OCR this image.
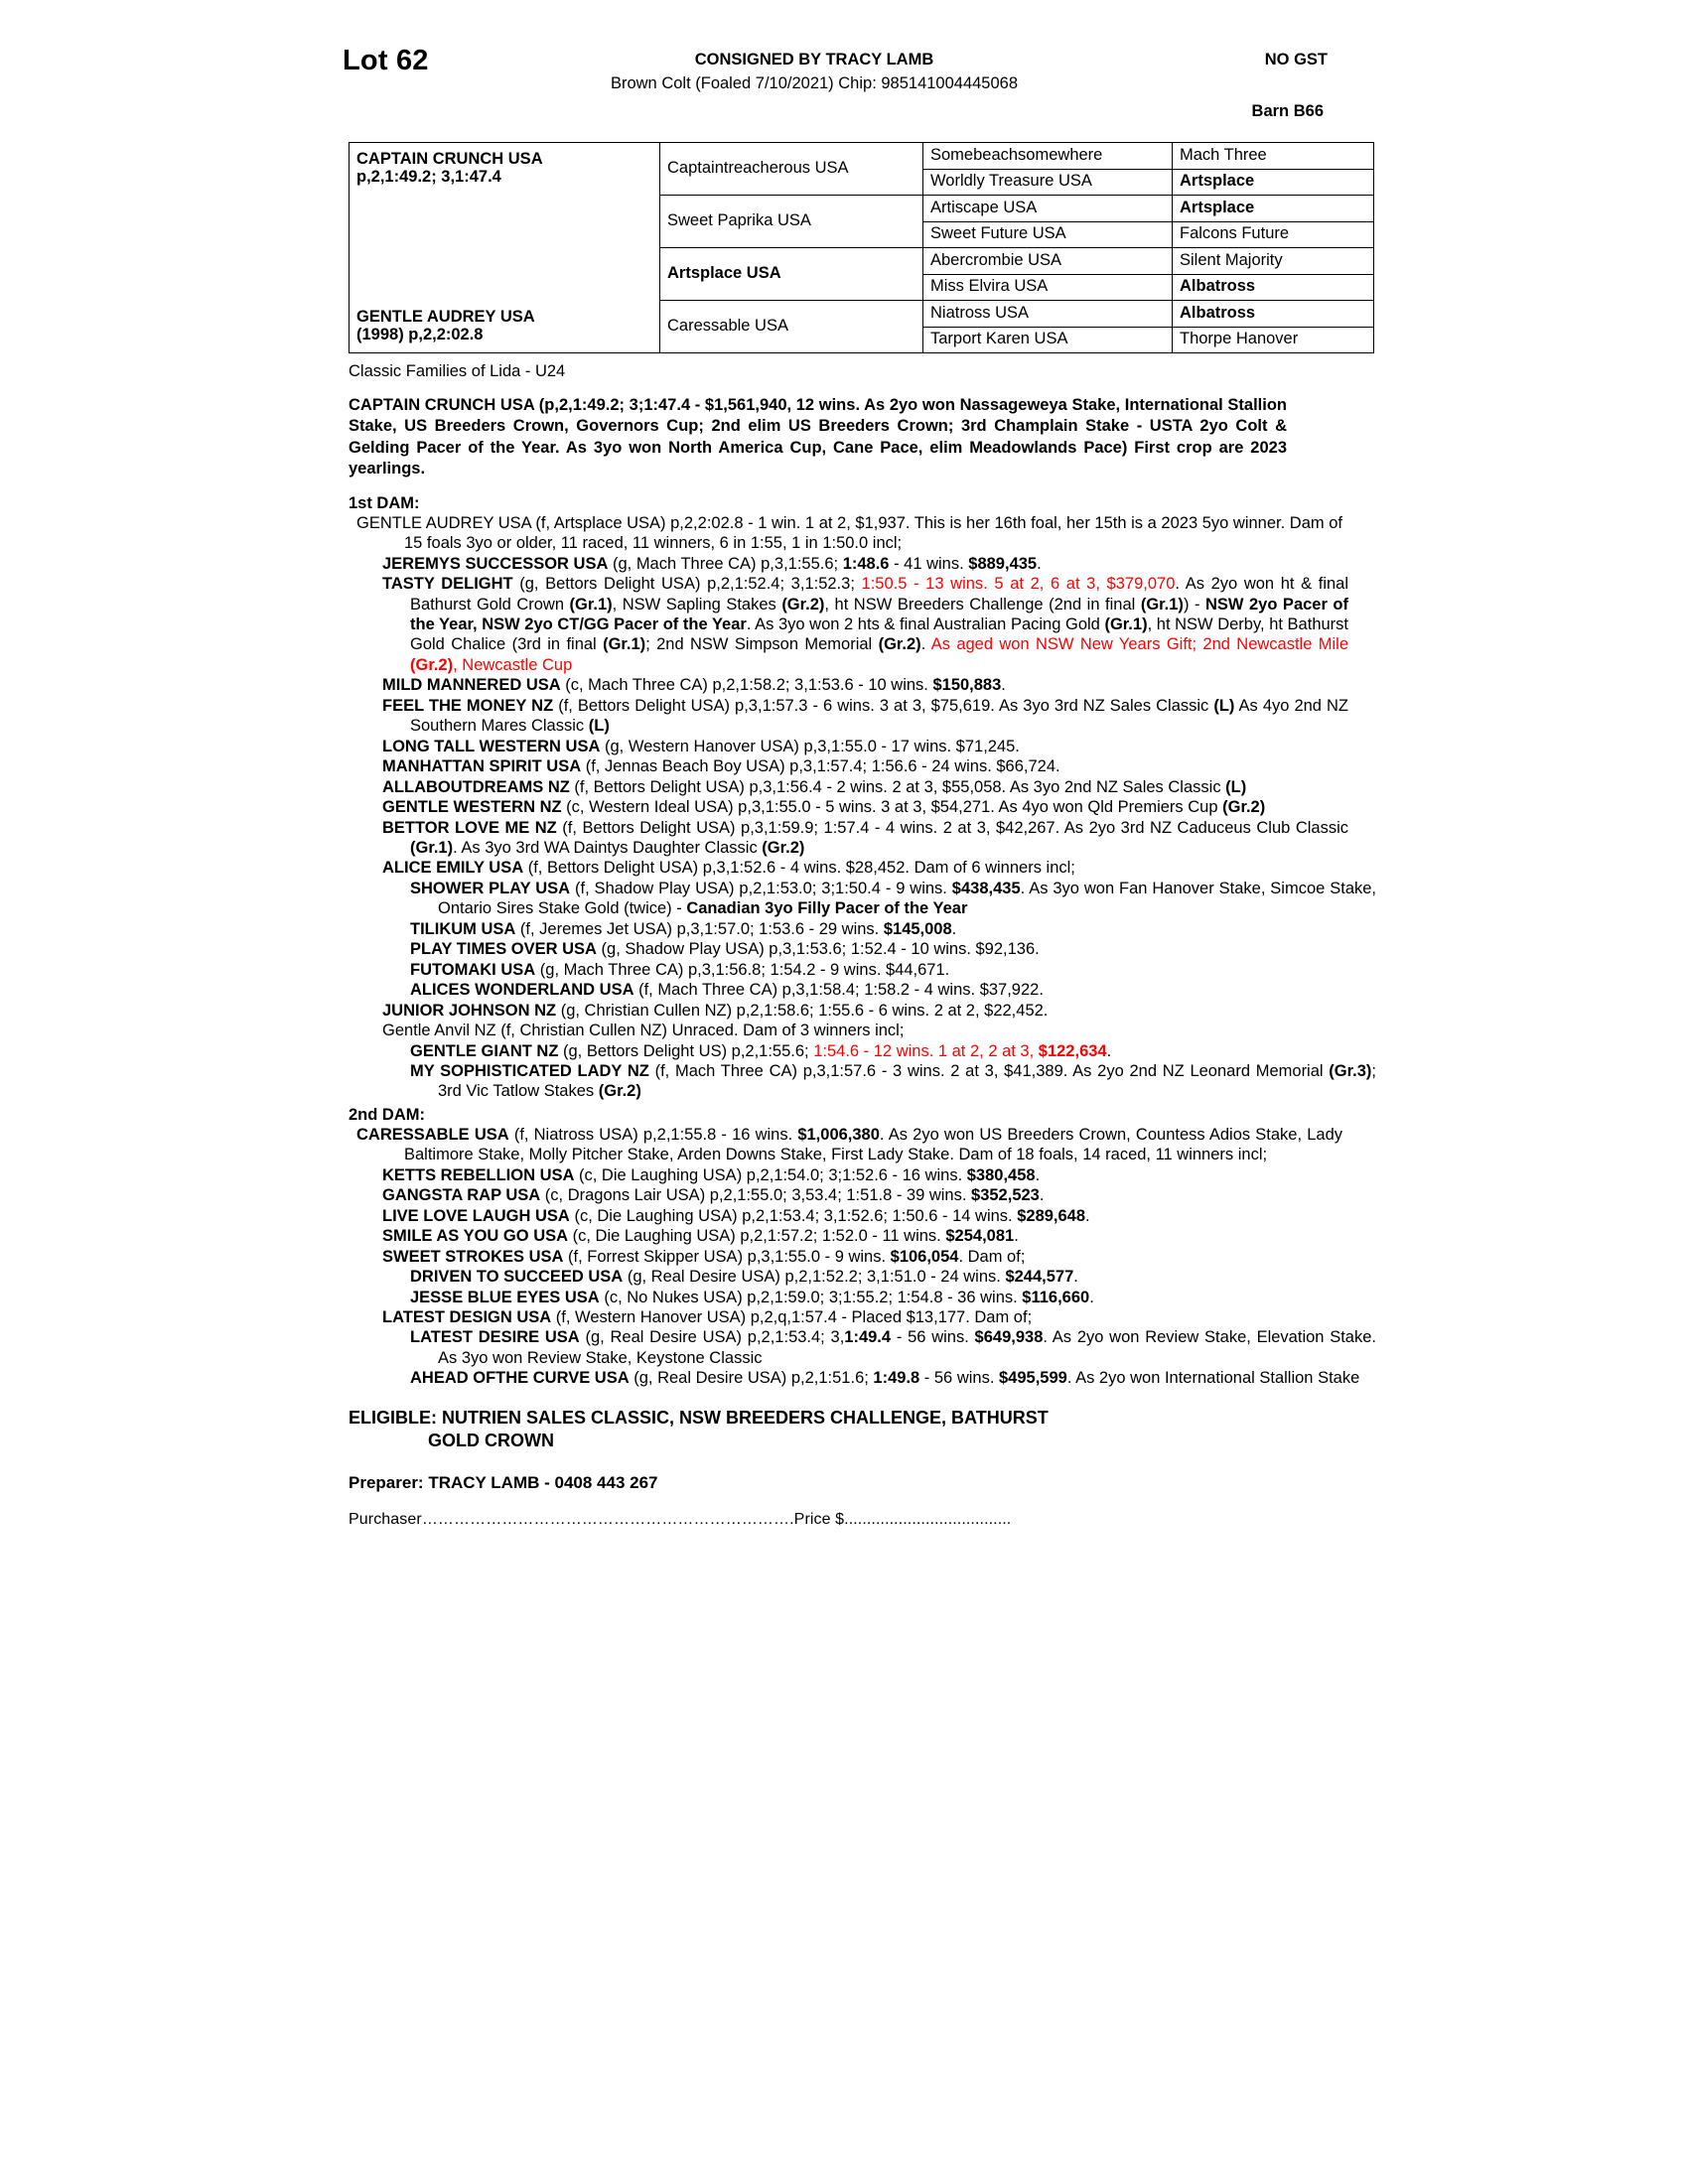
Lot 62	CONSIGNED BY TRACY LAMB	NO GST
Brown Colt (Foaled 7/10/2021) Chip: 985141004445068
Barn B66
CAPTAIN CRUNCH USA
p,2,1:49.2; 3,1:47.4	Captaintreacherous USA	Somebeachsomewhere	Mach Three
		Worldly Treasure USA	Artsplace
	Sweet Paprika USA	Artiscape USA	Artsplace
		Sweet Future USA	Falcons Future
	Artsplace USA	Abercrombie USA	Silent Majority
		Miss Elvira USA	Albatross

GENTLE AUDREY USA
(1998) p,2,2:02.8	Caressable USA	Niatross USA	Albatross
		Tarport Karen USA	Thorpe Hanover
Classic Families of Lida - U24
CAPTAIN CRUNCH USA (p,2,1:49.2; 3;1:47.4 - $1,561,940, 12 wins. As 2yo won Nassageweya Stake, International Stallion Stake, US Breeders Crown, Governors Cup; 2nd elim US Breeders Crown; 3rd Champlain Stake - USTA 2yo Colt & Gelding Pacer of the Year. As 3yo won North America Cup, Cane Pace, elim Meadowlands Pace) First crop are 2023 yearlings.
1st DAM:
GENTLE AUDREY USA (f, Artsplace USA) p,2,2:02.8 - 1 win. 1 at 2, $1,937. This is her 16th foal, her 15th is a 2023 5yo winner. Dam of 15 foals 3yo or older, 11 raced, 11 winners, 6 in 1:55, 1 in 1:50.0 incl;
JEREMYS SUCCESSOR USA (g, Mach Three CA) p,3,1:55.6; 1:48.6 - 41 wins. $889,435.
TASTY DELIGHT (g, Bettors Delight USA) p,2,1:52.4; 3,1:52.3; 1:50.5 - 13 wins. 5 at 2, 6 at 3, $379,070. As 2yo won ht & final Bathurst Gold Crown (Gr.1), NSW Sapling Stakes (Gr.2), ht NSW Breeders Challenge (2nd in final (Gr.1)) - NSW 2yo Pacer of the Year, NSW 2yo CT/GG Pacer of the Year. As 3yo won 2 hts & final Australian Pacing Gold (Gr.1), ht NSW Derby, ht Bathurst Gold Chalice (3rd in final (Gr.1); 2nd NSW Simpson Memorial (Gr.2). As aged won NSW New Years Gift; 2nd Newcastle Mile (Gr.2), Newcastle Cup
MILD MANNERED USA (c, Mach Three CA) p,2,1:58.2; 3,1:53.6 - 10 wins. $150,883.
FEEL THE MONEY NZ (f, Bettors Delight USA) p,3,1:57.3 - 6 wins. 3 at 3, $75,619. As 3yo 3rd NZ Sales Classic (L) As 4yo 2nd NZ Southern Mares Classic (L)
LONG TALL WESTERN USA (g, Western Hanover USA) p,3,1:55.0 - 17 wins. $71,245.
MANHATTAN SPIRIT USA (f, Jennas Beach Boy USA) p,3,1:57.4; 1:56.6 - 24 wins. $66,724.
ALLABOUTDREAMS NZ (f, Bettors Delight USA) p,3,1:56.4 - 2 wins. 2 at 3, $55,058. As 3yo 2nd NZ Sales Classic (L)
GENTLE WESTERN NZ (c, Western Ideal USA) p,3,1:55.0 - 5 wins. 3 at 3, $54,271. As 4yo won Qld Premiers Cup (Gr.2)
BETTOR LOVE ME NZ (f, Bettors Delight USA) p,3,1:59.9; 1:57.4 - 4 wins. 2 at 3, $42,267. As 2yo 3rd NZ Caduceus Club Classic (Gr.1). As 3yo 3rd WA Daintys Daughter Classic (Gr.2)
ALICE EMILY USA (f, Bettors Delight USA) p,3,1:52.6 - 4 wins. $28,452. Dam of 6 winners incl;
SHOWER PLAY USA (f, Shadow Play USA) p,2,1:53.0; 3;1:50.4 - 9 wins. $438,435. As 3yo won Fan Hanover Stake, Simcoe Stake, Ontario Sires Stake Gold (twice) - Canadian 3yo Filly Pacer of the Year
TILIKUM USA (f, Jeremes Jet USA) p,3,1:57.0; 1:53.6 - 29 wins. $145,008.
PLAY TIMES OVER USA (g, Shadow Play USA) p,3,1:53.6; 1:52.4 - 10 wins. $92,136.
FUTOMAKI USA (g, Mach Three CA) p,3,1:56.8; 1:54.2 - 9 wins. $44,671.
ALICES WONDERLAND USA (f, Mach Three CA) p,3,1:58.4; 1:58.2 - 4 wins. $37,922.
JUNIOR JOHNSON NZ (g, Christian Cullen NZ) p,2,1:58.6; 1:55.6 - 6 wins. 2 at 2, $22,452.
Gentle Anvil NZ (f, Christian Cullen NZ) Unraced. Dam of 3 winners incl;
GENTLE GIANT NZ (g, Bettors Delight US) p,2,1:55.6; 1:54.6 - 12 wins. 1 at 2, 2 at 3, $122,634.
MY SOPHISTICATED LADY NZ (f, Mach Three CA) p,3,1:57.6 - 3 wins. 2 at 3, $41,389. As 2yo 2nd NZ Leonard Memorial (Gr.3); 3rd Vic Tatlow Stakes (Gr.2)
2nd DAM:
CARESSABLE USA (f, Niatross USA) p,2,1:55.8 - 16 wins. $1,006,380. As 2yo won US Breeders Crown, Countess Adios Stake, Lady Baltimore Stake, Molly Pitcher Stake, Arden Downs Stake, First Lady Stake. Dam of 18 foals, 14 raced, 11 winners incl;
KETTS REBELLION USA (c, Die Laughing USA) p,2,1:54.0; 3;1:52.6 - 16 wins. $380,458.
GANGSTA RAP USA (c, Dragons Lair USA) p,2,1:55.0; 3,53.4; 1:51.8 - 39 wins. $352,523.
LIVE LOVE LAUGH USA (c, Die Laughing USA) p,2,1:53.4; 3,1:52.6; 1:50.6 - 14 wins. $289,648.
SMILE AS YOU GO USA (c, Die Laughing USA) p,2,1:57.2; 1:52.0 - 11 wins. $254,081.
SWEET STROKES USA (f, Forrest Skipper USA) p,3,1:55.0 - 9 wins. $106,054. Dam of;
DRIVEN TO SUCCEED USA (g, Real Desire USA) p,2,1:52.2; 3,1:51.0 - 24 wins. $244,577.
JESSE BLUE EYES USA (c, No Nukes USA) p,2,1:59.0; 3;1:55.2; 1:54.8 - 36 wins. $116,660.
LATEST DESIGN USA (f, Western Hanover USA) p,2,q,1:57.4 - Placed $13,177. Dam of;
LATEST DESIRE USA (g, Real Desire USA) p,2,1:53.4; 3,1:49.4 - 56 wins. $649,938. As 2yo won Review Stake, Elevation Stake. As 3yo won Review Stake, Keystone Classic
AHEAD OFTHE CURVE USA (g, Real Desire USA) p,2,1:51.6; 1:49.8 - 56 wins. $495,599. As 2yo won International Stallion Stake
ELIGIBLE: NUTRIEN SALES CLASSIC, NSW BREEDERS CHALLENGE, BATHURST
GOLD CROWN
Preparer: TRACY LAMB - 0408 443 267
Purchaser…………………………………………………………….Price $.....................................
